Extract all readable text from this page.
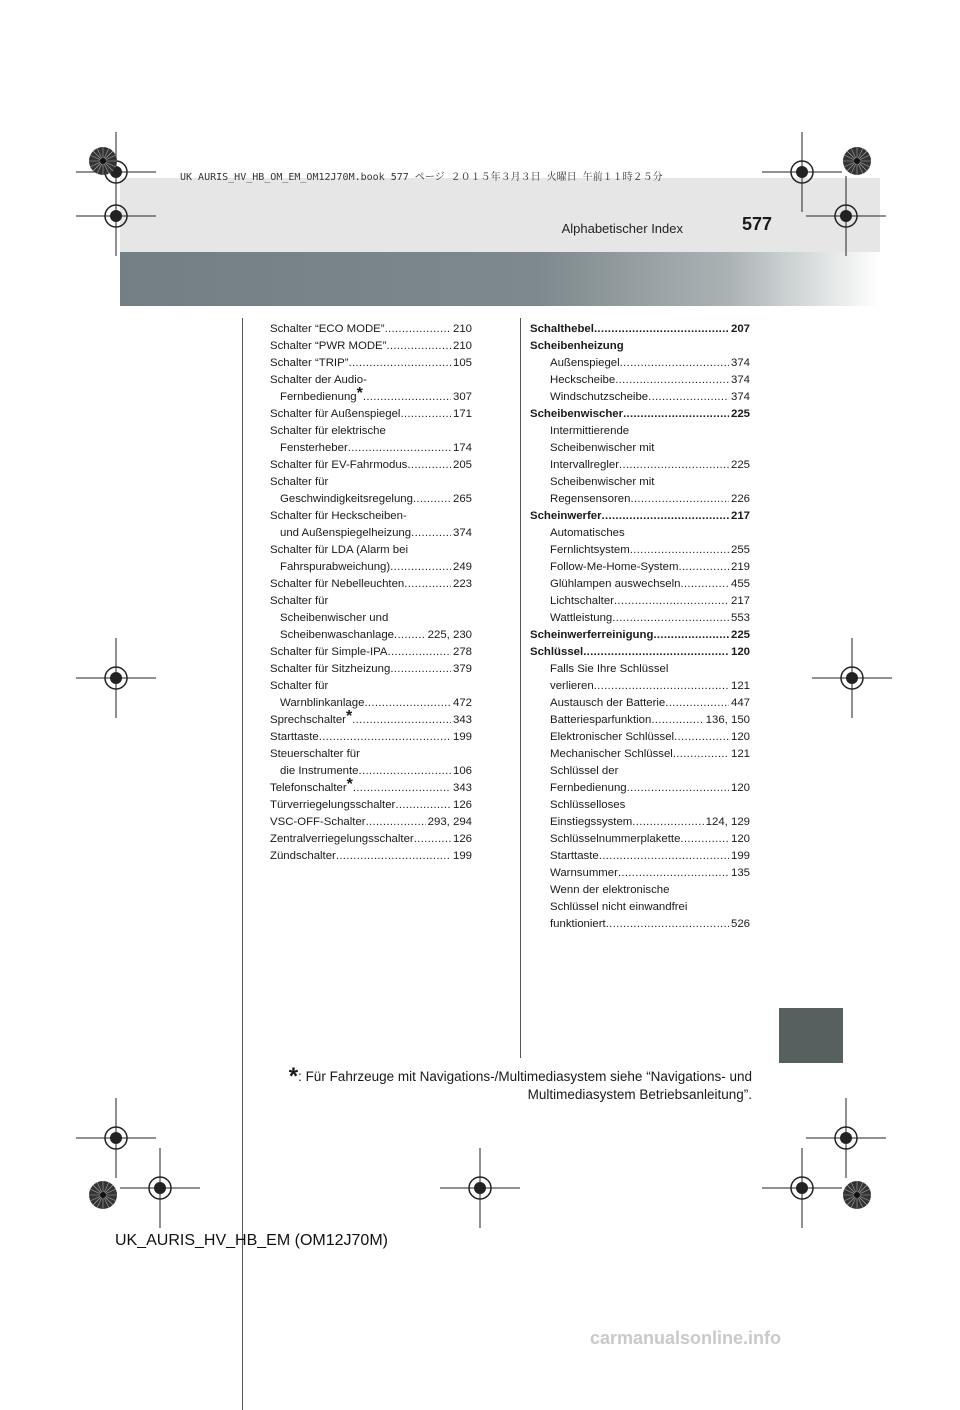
UK AURIS_HV_HB_OM_EM_OM12J70M.book 577 ページ ２０１５年３月３日 火曜日 午前１１時２５分
Alphabetischer Index	577
Schalter “ECO MODE” .....	210
Schalter “PWR MODE” .....	210
Schalter “TRIP” .....	105
Schalter der Audio-
Fernbedienung* .....	307
Schalter für Außenspiegel .....	171
Schalter für elektrische
Fensterheber .....	174
Schalter für EV-Fahrmodus .....	205
Schalter für
Geschwindigkeitsregelung .....	265
Schalter für Heckscheiben-
und Außenspiegelheizung .....	374
Schalter für LDA (Alarm bei
Fahrspurabweichung) .....	249
Schalter für Nebelleuchten .....	223
Schalter für
Scheibenwischer und
Scheibenwaschanlage .....	225, 230
Schalter für Simple-IPA .....	278
Schalter für Sitzheizung .....	379
Schalter für
Warnblinkanlage .....	472
Sprechschalter* .....	343
Starttaste .....	199
Steuerschalter für
die Instrumente .....	106
Telefonschalter* .....	343
Türverriegelungsschalter .....	126
VSC-OFF-Schalter .....	293, 294
Zentralverriegelungsschalter .....	126
Zündschalter .....	199
Schalthebel .....	207
Scheibenheizung
Außenspiegel .....	374
Heckscheibe .....	374
Windschutzscheibe .....	374
Scheibenwischer .....	225
Intermittierende
Scheibenwischer mit
Intervallregler .....	225
Scheibenwischer mit
Regensensoren .....	226
Scheinwerfer .....	217
Automatisches
Fernlichtsystem .....	255
Follow-Me-Home-System .....	219
Glühlampen auswechseln .....	455
Lichtschalter .....	217
Wattleistung .....	553
Scheinwerferreinigung .....	225
Schlüssel .....	120
Falls Sie Ihre Schlüssel
verlieren .....	121
Austausch der Batterie .....	447
Batteriesparfunktion .....	136, 150
Elektronischer Schlüssel .....	120
Mechanischer Schlüssel .....	121
Schlüssel der
Fernbedienung .....	120
Schlüsselloses
Einstiegssystem .....	124, 129
Schlüsselnummerplakette .....	120
Starttaste .....	199
Warnsummer .....	135
Wenn der elektronische
Schlüssel nicht einwandfrei
funktioniert .....	526
*: Für Fahrzeuge mit Navigations-/Multimediasystem siehe “Navigations- und
Multimediasystem Betriebsanleitung”.
UK_AURIS_HV_HB_EM (OM12J70M)
carmanualsonline.info
